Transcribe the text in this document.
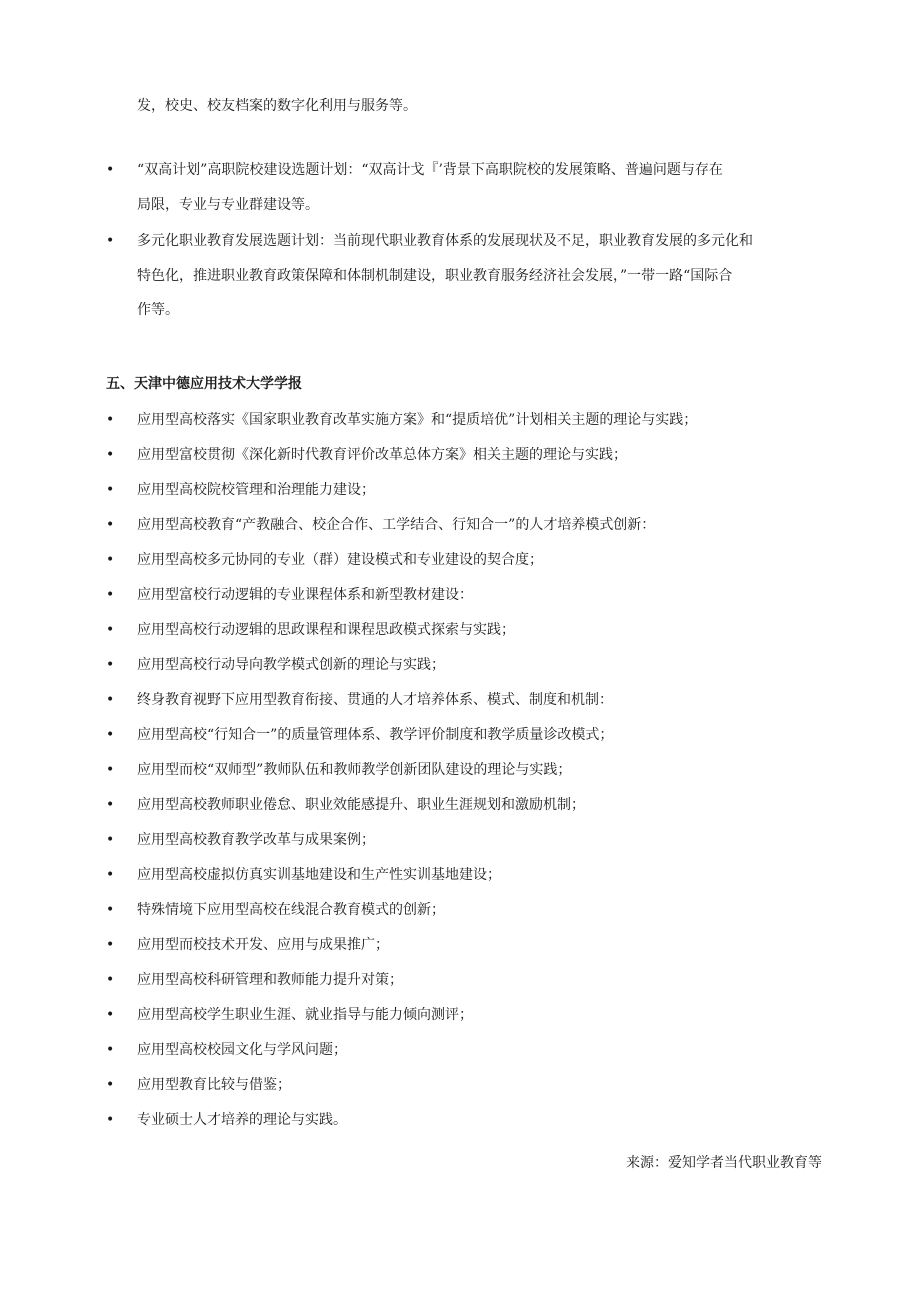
发，校史、校友档案的数字化利用与服务等。
• “双高计划”高职院校建设选题计划：“双高计戈『’背景下高职院校的发展策略、普遍问题与存在
局限，专业与专业群建设等。
• 多元化职业教育发展选题计划：当前现代职业教育体系的发展现状及不足，职业教育发展的多元化和
特色化，推进职业教育政策保障和体制机制建设，职业教育服务经济社会发展，”一带一路“国际合
作等。
五、天津中德应用技术大学学报
• 应用型高校落实《国家职业教育改革实施方案》和“提质培优”计划相关主题的理论与实践；
• 应用型富校贯彻《深化新时代教育评价改革总体方案》相关主题的理论与实践；
• 应用型高校院校管理和治理能力建设；
• 应用型高校教育“产教融合、校企合作、工学结合、行知合一”的人才培养模式创新：
• 应用型高校多元协同的专业（群）建设模式和专业建设的契合度；
• 应用型富校行动逻辑的专业课程体系和新型教材建设：
• 应用型高校行动逻辑的思政课程和课程思政模式探索与实践；
• 应用型高校行动导向教学模式创新的理论与实践；
• 终身教育视野下应用型教育衔接、贯通的人才培养体系、模式、制度和机制：
• 应用型高校“行知合一”的质量管理体系、教学评价制度和教学质量诊改模式；
• 应用型而校“双师型”教师队伍和教师教学创新团队建设的理论与实践；
• 应用型高校教师职业倦怠、职业效能感提升、职业生涯规划和激励机制；
• 应用型高校教育教学改革与成果案例；
• 应用型高校虚拟仿真实训基地建设和生产性实训基地建设；
• 特殊情境下应用型高校在线混合教育模式的创新；
• 应用型而校技术开发、应用与成果推广；
• 应用型高校科研管理和教师能力提升对策；
• 应用型高校学生职业生涯、就业指导与能力倾向测评；
• 应用型高校校园文化与学风问题；
• 应用型教育比较与借鉴；
• 专业硕士人才培养的理论与实践。
来源：爱知学者当代职业教育等
